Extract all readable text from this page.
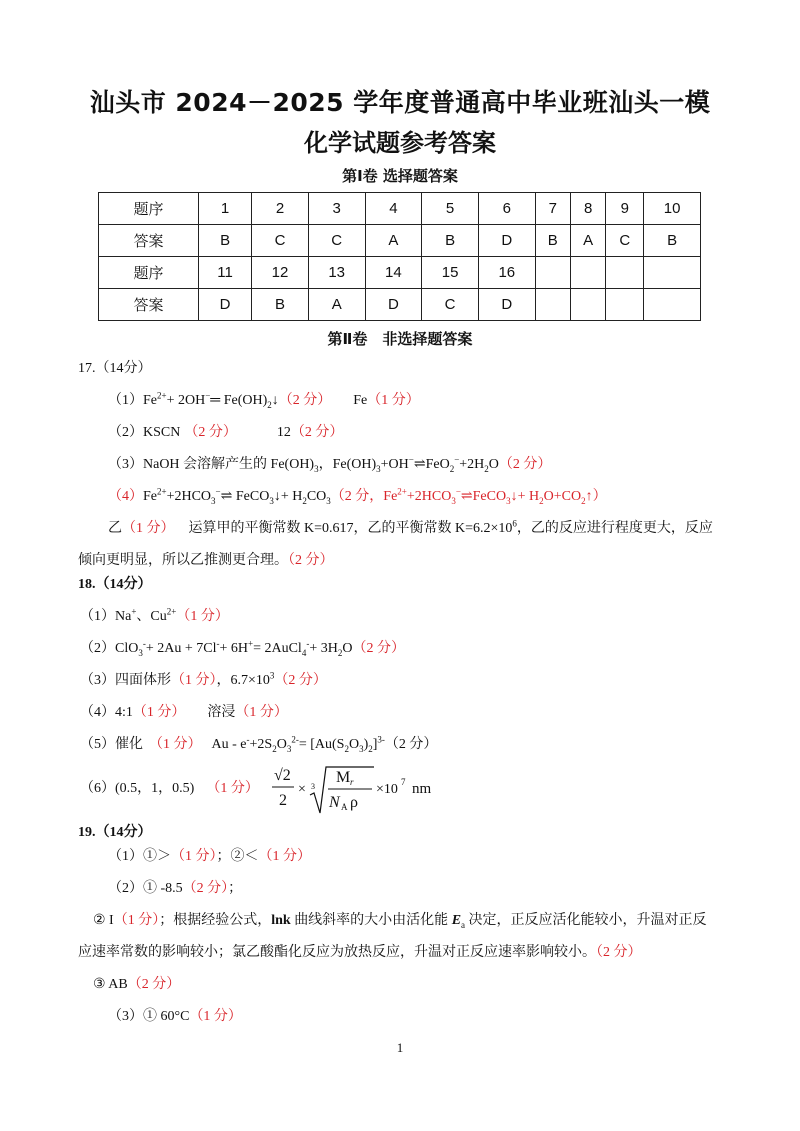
汕头市 2024－2025 学年度普通高中毕业班汕头一模
化学试题参考答案
第Ⅰ卷 选择题答案
题序	1	2	3	4	5	6	7	8	9	10
答案	B	C	C	A	B	D	B	A	C	B
题序	11	12	13	14	15	16				
答案	D	B	A	D	C	D				
第Ⅱ卷　非选择题答案
17.（14分）
$(1)Fe^{2+}+$ 2OH−═ $Fe(OH)_2↓(2$ 分） Fe（1 分）
（2）KSCN （2 分）	12（2 分）
（3）NaOH 会溶解产生的 $Fe(OH)_3$，$Fe(OH)_3+OH^-\rightleftharpoons FeO_2^-+2H_2O(2$ 分）
$(4)Fe^{2+}+2HCO_3^-\rightleftharpoons$ FeCO$_3$↓+ $H_2CO_3(2$ 分，$Fe^{2+}+2HCO_3^-\rightleftharpoons FeCO_3↓+$ $H_2O+CO_2↑$）
乙（1 分） 运算甲的平衡常数 K=0.617，乙的平衡常数 $K=6.2\times 10^6$，乙的反应进行程度更大，反应
倾向更明显，所以乙推测更合理。（2 分）
18.（14分）
（1）Na+、$Cu^{2+}(1$ 分）
（2）ClO$_3$-+ 2Au + 7Cl-+ 6H+= 2AuCl$_4$-+ $3H_2O(2$ 分）
（3）四面体形（1 分），$6.7\times 10^3(2$ 分）
（4）4:1（1 分） 溶浸（1 分）
（5）催化 （1 分） $Au - e^-+2S_2O_3^{2-}= [Au(S_2O_3)_2]^{3-}(2$ 分）
（6）(0.5，1，0.5) （1 分）
√2
2
× 3
M r
N A ρ
×10 7 nm
19.（14分）
（1）①＞（1 分）；②＜（1 分）
（2）① -8.5（2 分）；
② I（1 分）；根据经验公式，lnk 曲线斜率的大小由活化能 $E_a$ 决定，正反应活化能较小，升温对正反
应速率常数的影响较小；氯乙酸酯化反应为放热反应，升温对正反应速率影响较小。（2 分）
③ AB（2 分）
（3）① 60°C（1 分）
1
